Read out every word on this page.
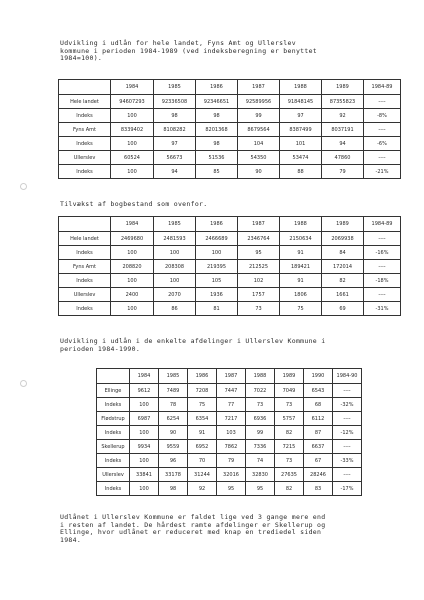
Udvikling i udlån for hele landet, Fyns Amt og Ullerslev
kommune i perioden 1984-1989 (ved indeksberegning er benyttet
1984=100).
	1984	1985	1986	1987	1988	1989	1984-89
Hele landet	94607293	92336508	92346651	92589956	91848145	87355823	----
Indeks	100	98	98	99	97	92	-8%
Fyns Amt	8339402	8108282	8201368	8679564	8387499	8037191	----
Indeks	100	97	98	104	101	94	-6%
Ullerslev	60524	56673	51536	54350	53474	47860	----
Indeks	100	94	85	90	88	79	-21%
Tilvækst af bogbestand som ovenfor.
	1984	1985	1986	1987	1988	1989	1984-89
Hele landet	2469680	2481593	2466689	2346764	2150634	2069938	----
Indeks	100	100	100	95	91	84	-16%
Fyns Amt	208820	208308	219395	212525	189421	172014	----
Indeks	100	100	105	102	91	82	-18%
Ullerslev	2400	2070	1936	1757	1806	1661	----
Indeks	100	86	81	73	75	69	-31%
Udvikling i udlån i de enkelte afdelinger i Ullerslev Kommune i
perioden 1984-1990.
	1984	1985	1986	1987	1988	1989	1990	1984-90
Ellinge	9612	7489	7208	7447	7022	7049	6543	----
Indeks	100	78	75	77	73	73	68	-32%
Flødstrup	6987	6254	6354	7217	6936	5757	6112	----
Indeks	100	90	91	103	99	82	87	-12%
Skellerup	9934	9559	6952	7862	7336	7215	6637	----
Indeks	100	96	70	79	74	73	67	-33%
Ullerslev	33841	33178	31244	32016	32830	27635	28246	----
Indeks	100	98	92	95	95	82	83	-17%
Udlånet i Ullerslev Kommune er faldet lige ved 3 gange mere end
i resten af landet. De hårdest ramte afdelinger er Skellerup og
Ellinge, hvor udlånet er reduceret med knap en trediedel siden
1984.
